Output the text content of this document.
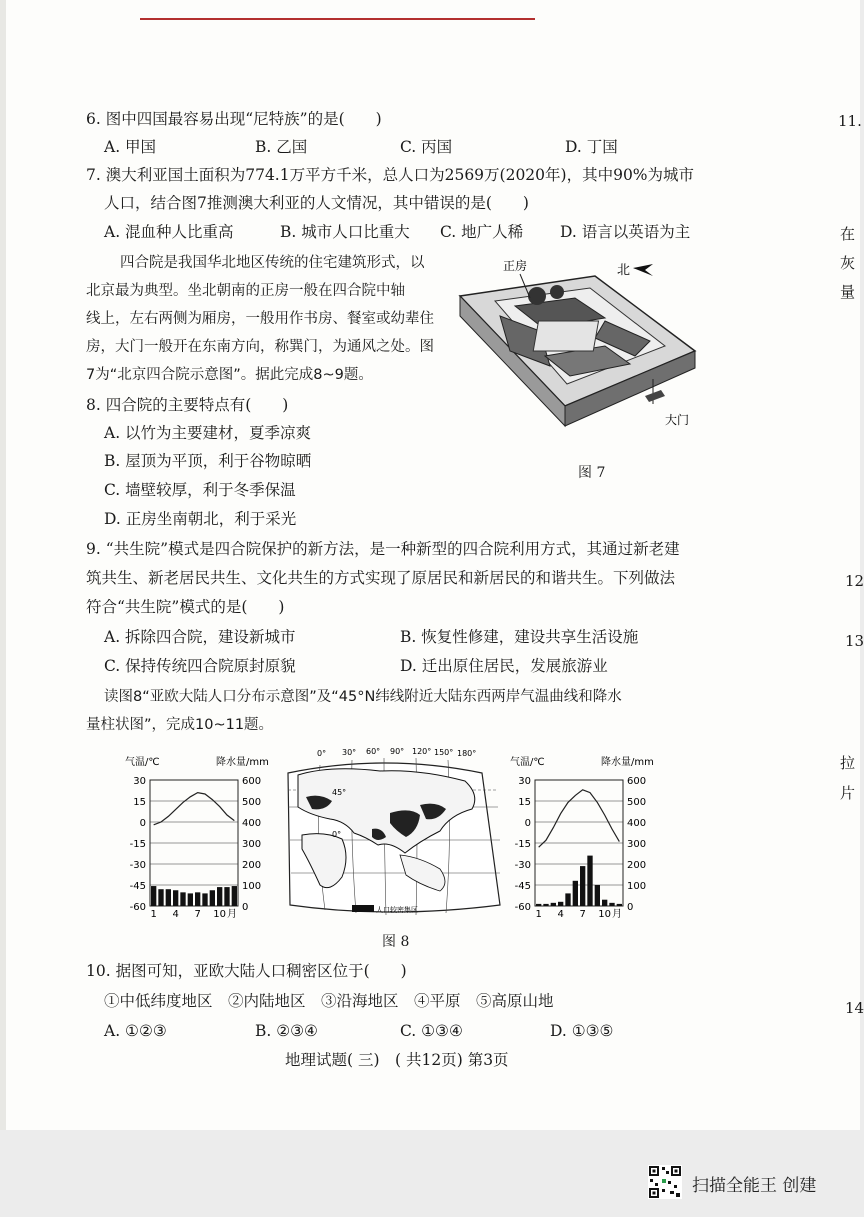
6. 图中四国最容易出现“尼特族”的是(　　)
A. 甲国	B. 乙国	C. 丙国	D. 丁国
7. 澳大利亚国土面积为774.1万平方千米，总人口为2569万(2020年)，其中90%为城市
人口，结合图7推测澳大利亚的人文情况，其中错误的是(　　)
A. 混血种人比重高	B. 城市人口比重大 C. 地广人稀 D. 语言以英语为主
四合院是我国华北地区传统的住宅建筑形式，以
北京最为典型。坐北朝南的正房一般在四合院中轴
线上，左右两侧为厢房，一般用作书房、餐室或幼辈住
房，大门一般开在东南方向，称巽门，为通风之处。图
7为“北京四合院示意图”。据此完成8~9题。
正房	北
大门
图 7
8. 四合院的主要特点有(　　)
A. 以竹为主要建材，夏季凉爽
B. 屋顶为平顶，利于谷物晾晒
C. 墙壁较厚，利于冬季保温
D. 正房坐南朝北，利于采光
9. “共生院”模式是四合院保护的新方法，是一种新型的四合院利用方式，其通过新老建
筑共生、新老居民共生、文化共生的方式实现了原居民和新居民的和谐共生。下列做法
符合“共生院”模式的是(　　)
A. 拆除四合院，建设新城市	B. 恢复性修建，建设共享生活设施
C. 保持传统四合院原封原貌	D. 迁出原住居民，发展旅游业
读图8“亚欧大陆人口分布示意图”及“45°N纬线附近大陆东西两岸气温曲线和降水
量柱状图”，完成10~11题。
气温/℃	降水量/mm
30
15
0
-15
-30
-45
-60
600
500
400
300
200
100
0
1 4 7 10 月
0° 30° 60° 90° 120° 150° 180°
45°
0°
人口较密集区
气温/℃	降水量/mm
30
15
0
-15
-30
-45
-60
600
500
400
300
200
100
0
1 4 7 10 月
图 8
10. 据图可知，亚欧大陆人口稠密区位于(　　)
①中低纬度地区　②内陆地区　③沿海地区　④平原　⑤高原山地
A. ①②③	B. ②③④	C. ①③④	D. ①③⑤
地理试题( 三)　( 共12页) 第3页
11.
在
灰
量
12
13
拉
片
14
扫描全能王 创建
